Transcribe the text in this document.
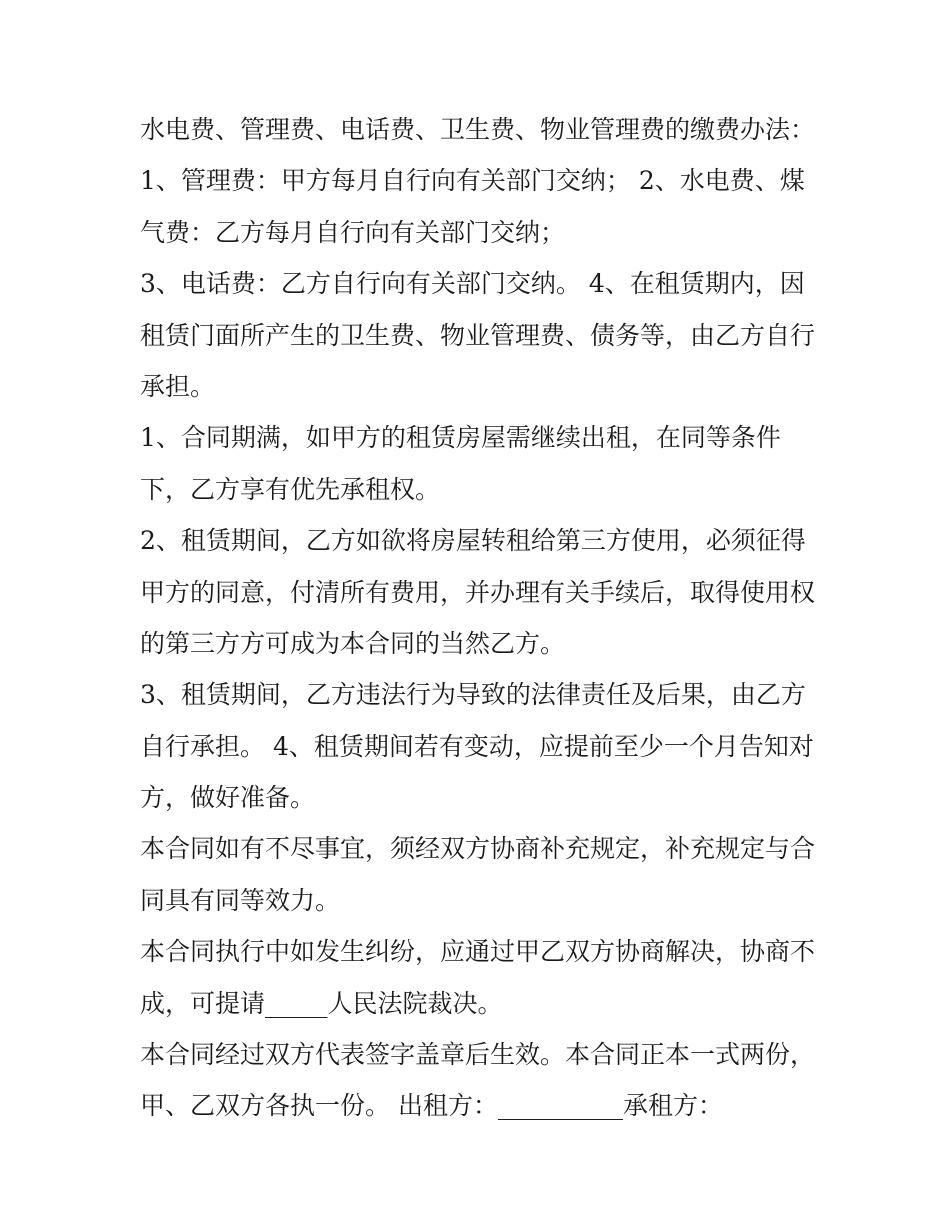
水电费、管理费、电话费、卫生费、物业管理费的缴费办法：
1、管理费：甲方每月自行向有关部门交纳； 2、水电费、煤
气费：乙方每月自行向有关部门交纳；
3、电话费：乙方自行向有关部门交纳。 4、在租赁期内，因
租赁门面所产生的卫生费、物业管理费、债务等，由乙方自行
承担。
1、合同期满，如甲方的租赁房屋需继续出租，在同等条件
下，乙方享有优先承租权。
2、租赁期间，乙方如欲将房屋转租给第三方使用，必须征得
甲方的同意，付清所有费用，并办理有关手续后，取得使用权
的第三方方可成为本合同的当然乙方。
3、租赁期间，乙方违法行为导致的法律责任及后果，由乙方
自行承担。 4、租赁期间若有变动，应提前至少一个月告知对
方，做好准备。
本合同如有不尽事宜，须经双方协商补充规定，补充规定与合
同具有同等效力。
本合同执行中如发生纠纷，应通过甲乙双方协商解决，协商不
成，可提请_____人民法院裁决。
本合同经过双方代表签字盖章后生效。本合同正本一式两份，
甲、乙双方各执一份。 出租方：__________承租方：
